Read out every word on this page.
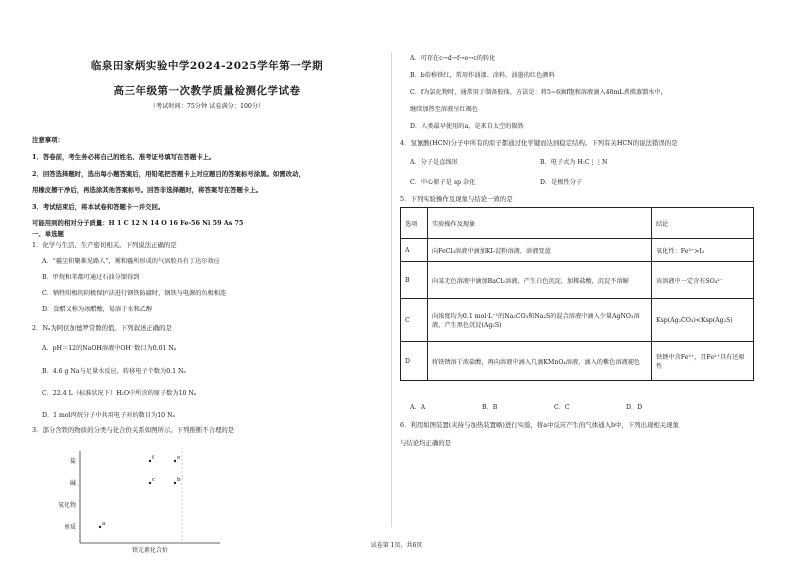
临泉田家炳实验中学2024-2025学年第一学期
高三年级第一次教学质量检测化学试卷
（考试时间：75分钟 试卷满分：100分）
注意事项：
1．答卷前，考生务必将自己的姓名、准考证号填写在答题卡上。
2．回答选择题时，选出每小题答案后，用铅笔把答题卡上对应题目的答案标号涂黑。如需改动，
用橡皮擦干净后，再选涂其他答案标号。回答非选择题时，将答案写在答题卡上。
3．考试结束后，将本试卷和答题卡一并交回。
可能用到的相对分子质量：H 1 C 12 N 14 O 16 Fe-56 Ni 59 As 75
一、单选题
1．化学与生活、生产密切相关。下列说法正确的是
A．“霾尘积聚难见路人”，雾和霾所形成的气溶胶具有丁达尔效应
B．甲烷和苯都可通过石油分馏得到
C．牺牲阳极的阴极保护法进行钢铁防腐时，钢铁与电源的负极相连
D．食醋又称为冰醋酸，易溶于水和乙醇
2．Nₐ为阿伏加德罗常数的值。下列叙述正确的是
A．pH＝12的NaOH溶液中OH⁻数目为0.01 Nₐ
B．4.6 g Na与足量水反应，转移电子个数为0.1 Nₐ
C．22.4 L（标准状况下）H₂O中所含的原子数为10 Nₐ
D．1 mol丙烷分子中共用电子对的数目为10 Nₐ
3．部分含铁的物质的分类与化合价关系如图所示。下列推断不合理的是
盐
碱
氧化物
单质
e
b
c
f
a
铁元素化合价
A．可存在c→d→f→e→c的转化
B．b俗称铁红，常用作油漆、涂料、油墨的红色颜料
C．f为氯化物时，通常用于制备胶体，方法是：将5~6滴f饱和溶液滴入40mL煮沸蒸馏水中，
继续加热至溶液呈红褐色
D．人类最早使用的a，是来自太空的陨铁
4．氢氰酸(HCN)分子中所有的原子都通过化学键而达到稳定结构。下列有关HCN的说法错误的是
A．分子是直线形	B．电子式为 H:C⋮⋮N
C．中心原子是 sp 杂化	D．是极性分子
5．下列实验操作及现象与结论一致的是
选项	实验操作及现象	结论
A	向FeCl₃溶液中滴加KI-淀粉溶液，溶液变蓝	氧化性：Fe³⁺>I₂
B	向某无色溶液中滴加BaCl₂溶液，产生白色沉淀，加稀盐酸，沉淀不溶解	该溶液中一定含有SO₄²⁻
C	向浓度均为0.1 mol·L⁻¹的Na₂CO₃和Na₂S的混合溶液中滴入少量AgNO₃溶液，产生黑色沉淀(Ag₂S)	Ksp(Ag₂CO₃)<Ksp(Ag₂S)
D	将铁锈溶于浓盐酸，再向溶液中滴入几滴KMnO₄溶液，滴入的紫色溶液褪色	铁锈中含Fe²⁺，且Fe²⁺具有还原性
A．A	B．B	C．C	D．D
6．利用如图装置(夹持与加热装置略)进行实验，将a中反应产生的气体通入b中，下列出现相关现象
与结论均正确的是
试卷第 1页，共6页
